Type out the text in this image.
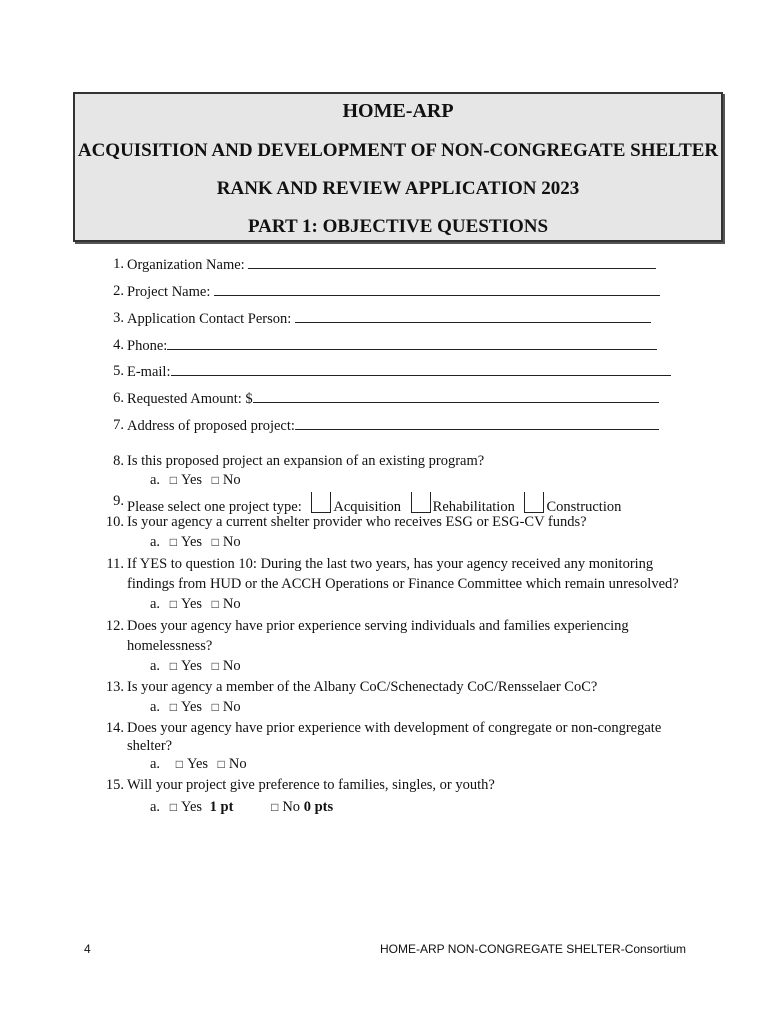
HOME-ARP
ACQUISITION AND DEVELOPMENT OF NON-CONGREGATE SHELTER
RANK AND REVIEW APPLICATION 2023
PART 1: OBJECTIVE QUESTIONS
1. Organization Name:
2. Project Name:
3. Application Contact Person:
4. Phone:
5. E-mail:
6. Requested Amount: $
7. Address of proposed project:
8. Is this proposed project an expansion of an existing program?
a. □ Yes □ No
9. Please select one project type: Acquisition Rehabilitation Construction
10. Is your agency a current shelter provider who receives ESG or ESG-CV funds?
a. □ Yes □ No
11. If YES to question 10: During the last two years, has your agency received any monitoring
findings from HUD or the ACCH Operations or Finance Committee which remain unresolved?
a. □ Yes □ No
12. Does your agency have prior experience serving individuals and families experiencing
homelessness?
a. □ Yes □ No
13. Is your agency a member of the Albany CoC/Schenectady CoC/Rensselaer CoC?
a. □ Yes □ No
14. Does your agency have prior experience with development of congregate or non-congregate
shelter?
a. □ Yes □ No
15. Will your project give preference to families, singles, or youth?
a. □ Yes 1 pt	□ No 0 pts
4	HOME-ARP NON-CONGREGATE SHELTER-Consortium
